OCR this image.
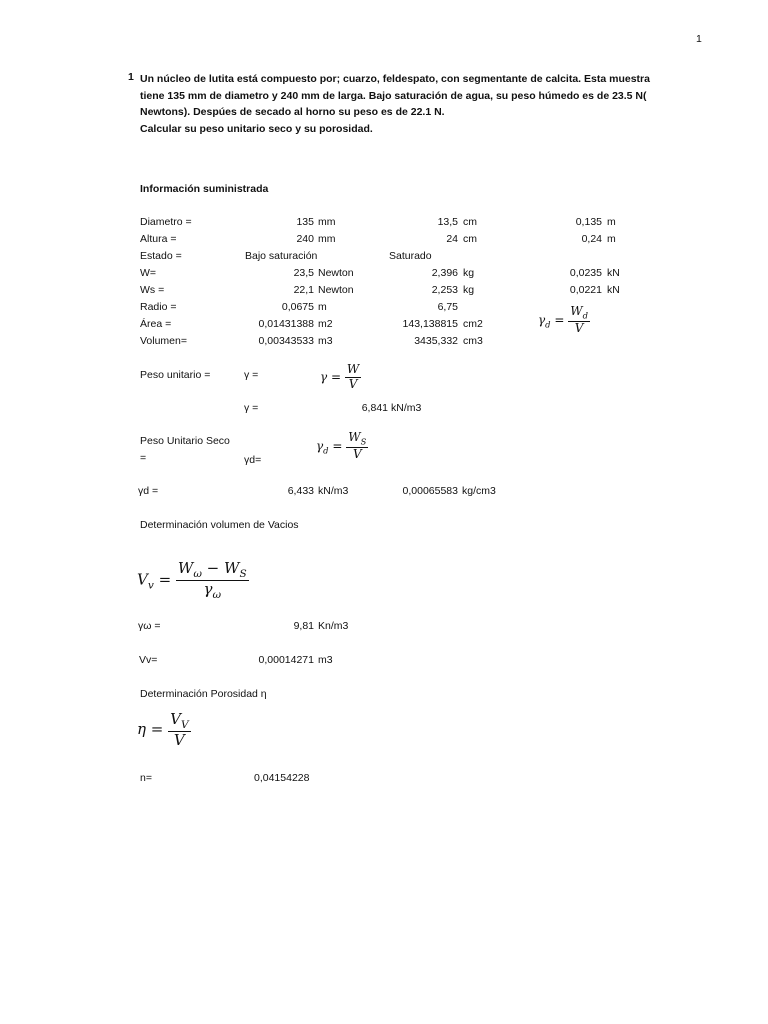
1
1 Un núcleo de lutita está compuesto por; cuarzo, feldespato, con segmentante de calcita. Esta muestra
tiene 135 mm de diametro y 240 mm de larga. Bajo saturación de agua, su peso húmedo es de 23.5 N(
Newtons). Despúes de secado al horno su peso es de 22.1 N.
Calcular su peso unitario seco y su porosidad.
Información suministrada
Diametro =	135 mm	13,5 cm	0,135 m
Altura =	240 mm	24 cm	0,24 m
Estado =	Bajo saturación	Saturado
W=	23,5 Newton	2,396 kg	0,0235 kN
Ws =	22,1 Newton	2,253 kg	0,0221 kN
Radio =	0,0675 m	6,75
Área =	0,01431388 m2	143,138815 cm2
Volumen=	0,00343533 m3	3435,332 cm3
$\gamma_d = \frac{W_d}{V}$
Peso unitario =	γ =	$\gamma = \frac{W}{V}$
γ =	6,841 kN/m3
Peso Unitario Seco
=	γd=
$\gamma_d = \frac{W_S}{V}$
γd =	6,433 kN/m3	0,00065583 kg/cm3
Determinación volumen de Vacios
$V_v = \frac{W_\omega - W_S}{\gamma_\omega}$
γω =	9,81 Kn/m3
Vv=	0,00014271 m3
Determinación Porosidad η
$\eta = \frac{V_V}{V}$
n=	0,04154228
